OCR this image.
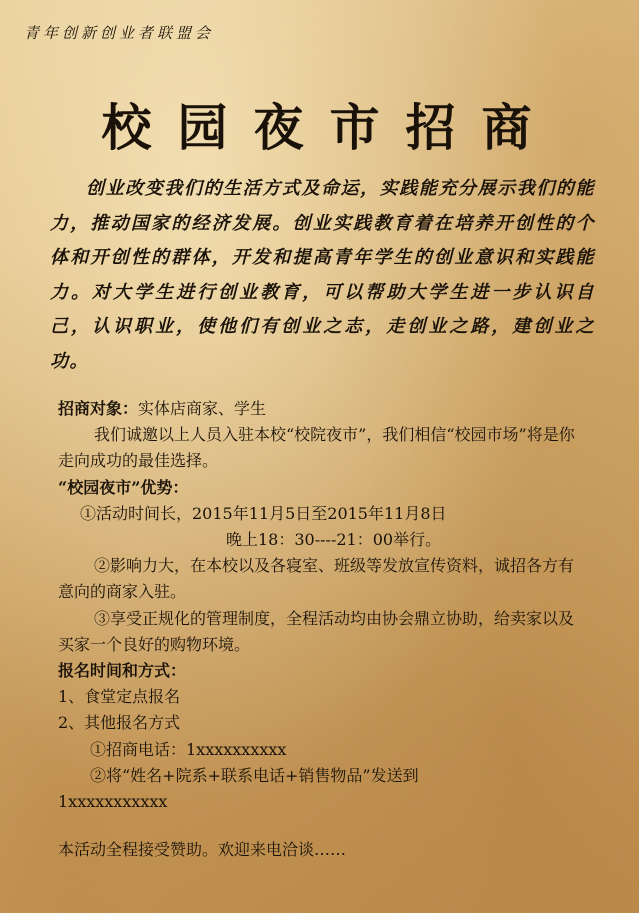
青年创新创业者联盟会
校园夜市招商
创业改变我们的生活方式及命运，实践能充分展示我们的能力，推动国家的经济发展。创业实践教育着在培养开创性的个体和开创性的群体，开发和提高青年学生的创业意识和实践能力。对大学生进行创业教育，可以帮助大学生进一步认识自己，认识职业，使他们有创业之志，走创业之路，建创业之功。

招商对象：实体店商家、学生

我们诚邀以上人员入驻本校“校院夜市”，我们相信“校园市场”将是你走向成功的最佳选择。

“校园夜市”优势：

①活动时间长，2015年11月5日至2015年11月8日

晚上18：30----21：00举行。

②影响力大，在本校以及各寝室、班级等发放宣传资料，诚招各方有意向的商家入驻。

③享受正规化的管理制度，全程活动均由协会鼎立协助，给卖家以及买家一个良好的购物环境。

报名时间和方式：

1、食堂定点报名

2、其他报名方式

①招商电话：1xxxxxxxxxx

②将“姓名+院系+联系电话+销售物品”发送到

1xxxxxxxxxxx

本活动全程接受赞助。欢迎来电洽谈……
